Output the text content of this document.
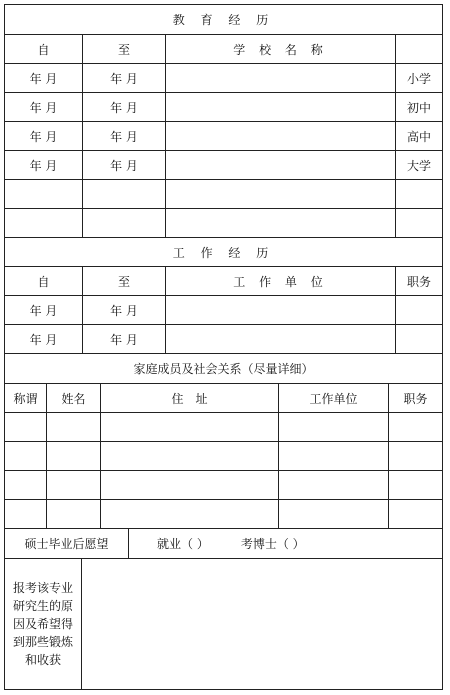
教 育 经 历
自	至	学 校 名 称
年 月	年 月	小学
年 月	年 月	初中
年 月	年 月	高中
年 月	年 月	大学
工 作 经 历
自	至	工 作 单 位	职务
年 月	年 月
年 月	年 月
家庭成员及社会关系（尽量详细）
称谓	姓名	住　址	工作单位	职务
硕士毕业后愿望	就业（ ）	考博士（ ）
报考该专业研究生的原因及希望得到那些锻炼和收获
